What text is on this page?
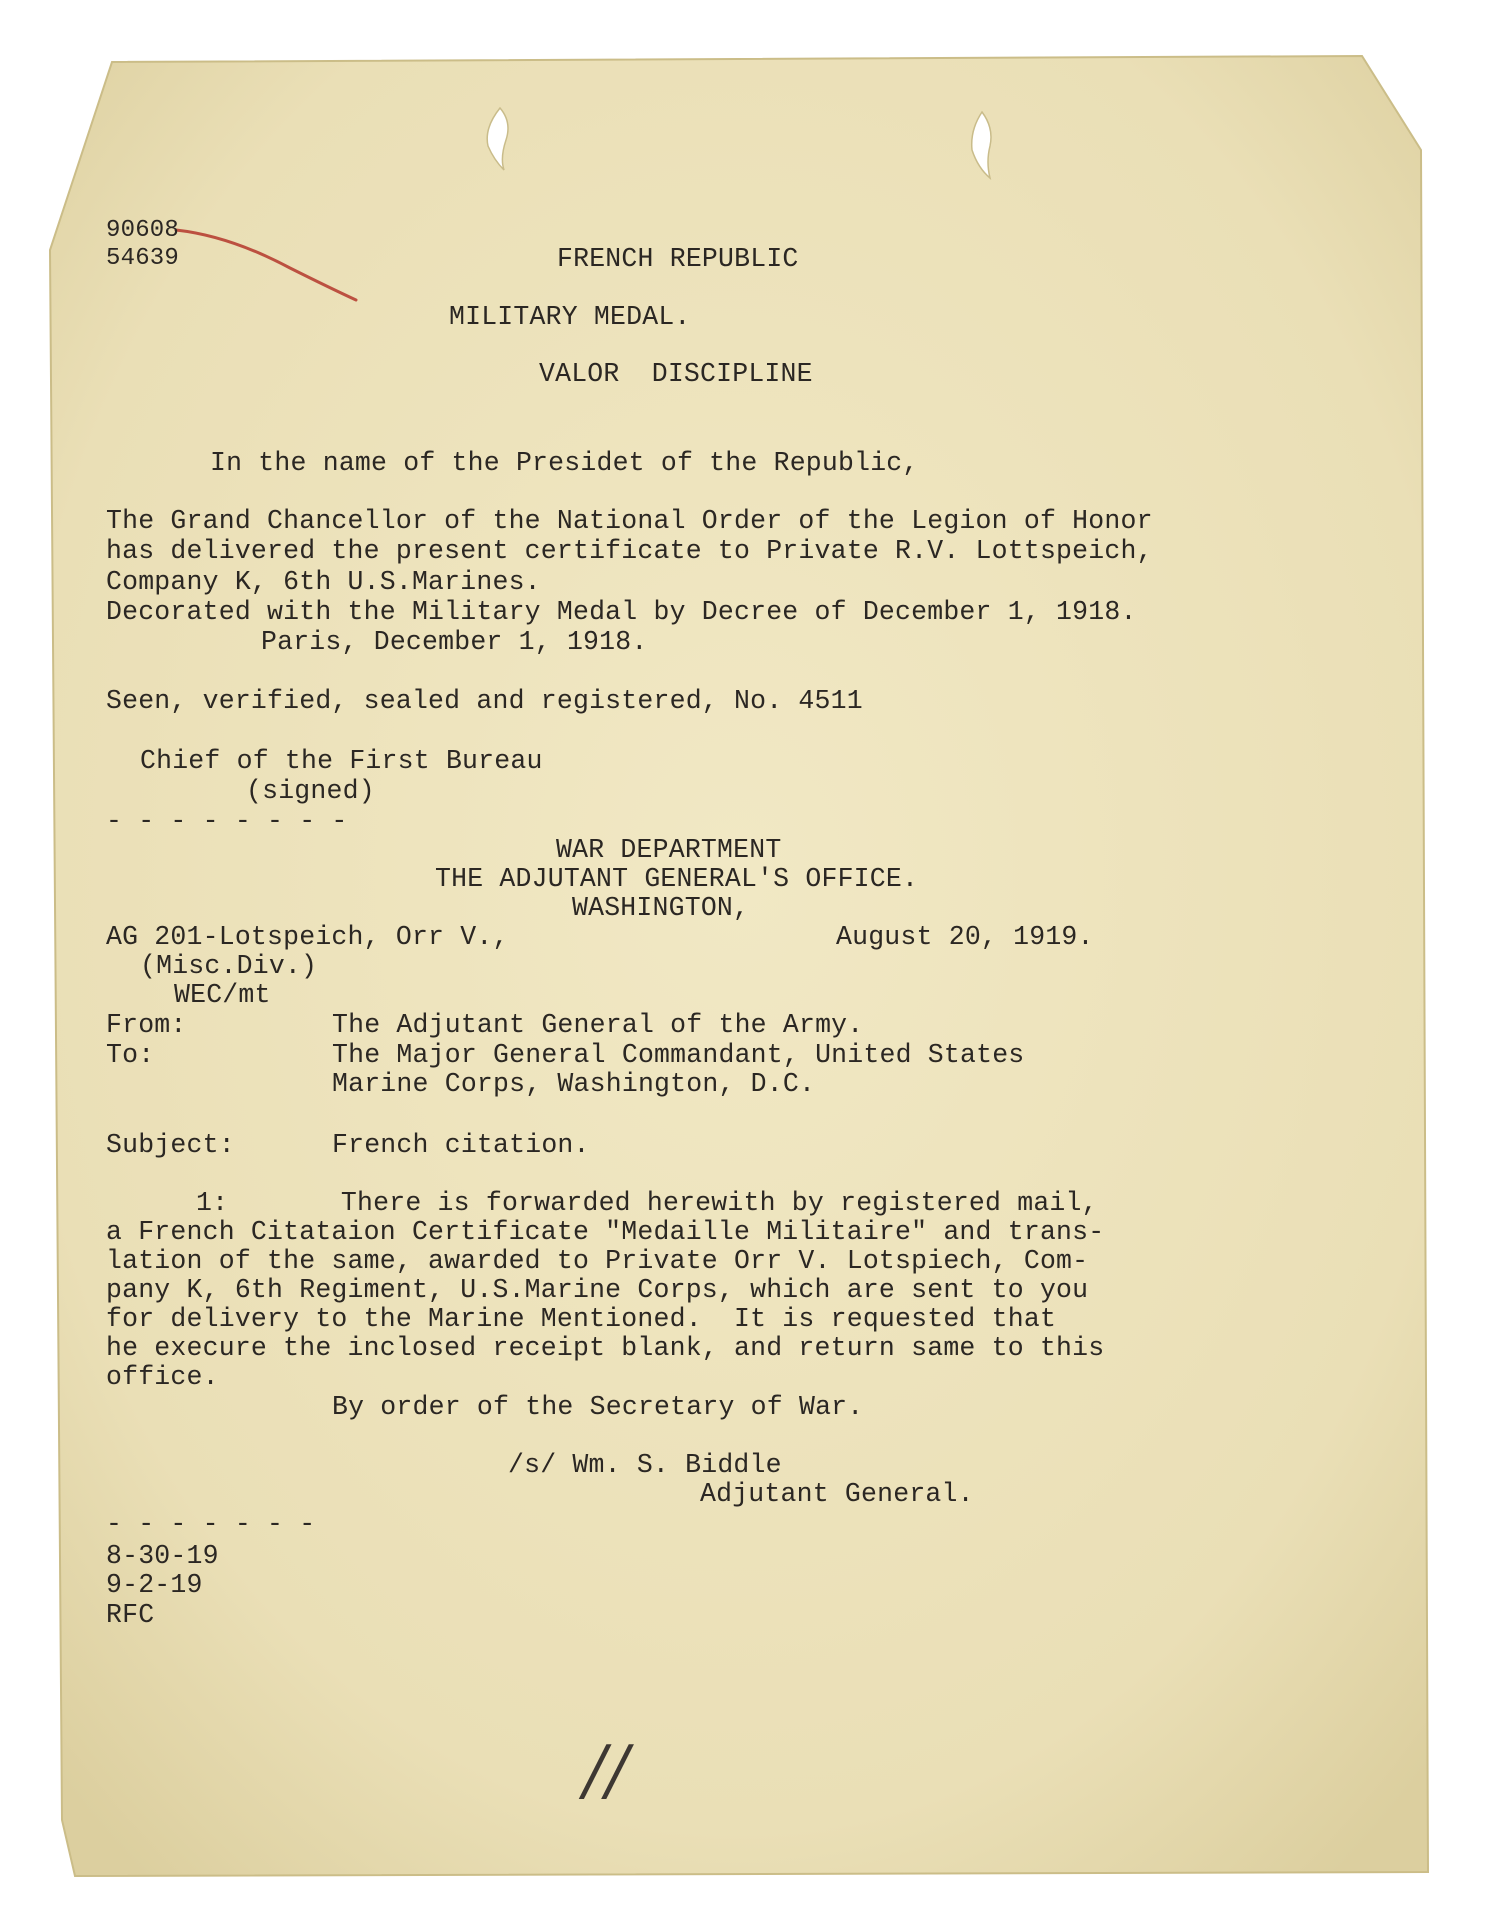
90608
54639	FRENCH REPUBLIC
MILITARY MEDAL.
VALOR  DISCIPLINE
In the name of the Presidet of the Republic,
The Grand Chancellor of the National Order of the Legion of Honor
has delivered the present certificate to Private R.V. Lottspeich,
Company K, 6th U.S.Marines.
Decorated with the Military Medal by Decree of December 1, 1918.
Paris, December 1, 1918.
Seen, verified, sealed and registered, No. 4511
Chief of the First Bureau
(signed)
- - - - - - - -
WAR DEPARTMENT
THE ADJUTANT GENERAL'S OFFICE.
WASHINGTON,
AG 201-Lotspeich, Orr V.,	August 20, 1919.
(Misc.Div.)
WEC/mt
From:	The Adjutant General of the Army.
To:	The Major General Commandant, United States
Marine Corps, Washington, D.C.
Subject:	French citation.
1:       There is forwarded herewith by registered mail,
a French Citataion Certificate "Medaille Militaire" and trans-
lation of the same, awarded to Private Orr V. Lotspiech, Com-
pany K, 6th Regiment, U.S.Marine Corps, which are sent to you
for delivery to the Marine Mentioned.  It is requested that
he execure the inclosed receipt blank, and return same to this
office.
By order of the Secretary of War.
/s/ Wm. S. Biddle
Adjutant General.
- - - - - - -
8-30-19
9-2-19
RFC
//
